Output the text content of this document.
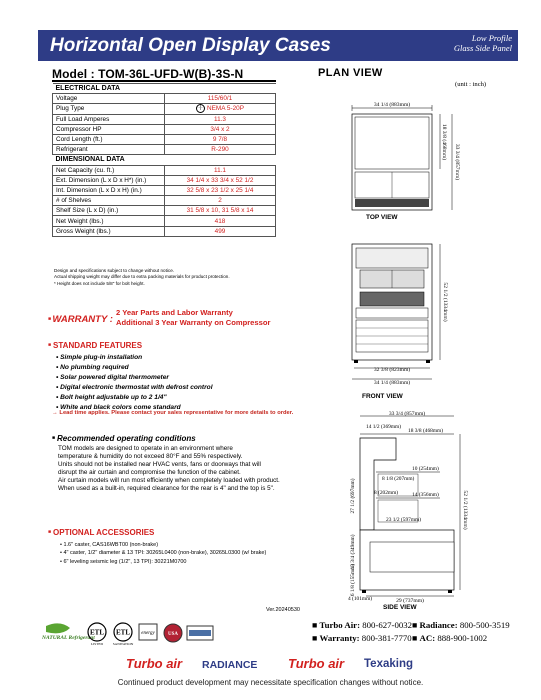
Horizontal Open Display Cases	Low Profile
Glass Side Panel
Model : TOM-36L-UFD-W(B)-3S-N
ELECTRICAL DATA	
Voltage	115/60/1
Plug Type	·|· NEMA 5-20P
Full Load Amperes	11.3
Compressor HP	3/4 x 2
Cord Length (ft.)	9 7/8
Refrigerant	R-290
DIMENSIONAL DATA	
Net Capacity (cu. ft.)	11.1
Ext. Dimension (L x D x H*) (in.)	34 1/4 x 33 3/4 x 52 1/2
Int. Dimension (L x D x H) (in.)	32 5/8 x 23 1/2 x 25 1/4
# of Shelves	2
Shelf Size (L x D) (in.)	31 5/8 x 10, 31 5/8 x 14
Net Weight (lbs.)	418
Gross Weight (lbs.)	499
Design and specifications subject to change without notice.
Actual shipping weight may differ due to extra packing materials for product protection.
* Height does not include 5/8" for bolt height.
■ WARRANTY :
2 Year Parts and Labor Warranty
Additional 3 Year Warranty on Compressor
■ STANDARD FEATURES
• Simple plug-in installation
• No plumbing required
• Solar powered digital thermometer
• Digital electronic thermostat with defrost control
• Bolt height adjustable up to 2 1/4"
• White and black colors come standard
→ Lead time applies. Please contact your sales representative for more details to order.
■ Recommended operating conditions
TOM models are designed to operate in an environment where
temperature & humidity do not exceed 80°F and 55% respectively.
Units should not be installed near HVAC vents, fans or doorways that will
disrupt the air curtain and compromise the function of the cabinet.
Air curtain models will run most efficiently when completely loaded with product.
When used as a built-in, required clearance for the rear is 4" and the top is 5".
■ OPTIONAL ACCESSORIES
• 1.6" caster, CAS16WBT00 (non-brake)
• 4" caster, 1/2" diameter & 13 TPI: 30265L0400 (non-brake), 30265L0300 (w/ brake)
• 6" leveling seismic leg (1/2", 13 TPI): 30221M0700
Ver.20240530
NATURAL Refrigerant
ETL
LISTED
ETL
SANITATION
energy	USA
■ Turbo Air: 800-627-0032
■ Warranty: 800-381-7770
■ Radiance: 800-500-3519
■ AC: 888-900-1002
Turbo air RADIANCE Turbo air Texaking
Continued product development may necessitate specification changes without notice.
PLAN VIEW
(unit : inch)
34 1/4 (883mm)
18 3/8 (468mm)
33 3/4 (857mm)
TOP VIEW
52 1/2 (1334mm)
32 3/8 (823mm)
34 1/4 (883mm)
FRONT VIEW
33 3/4 (857mm)
14 1/2 (369mm)
18 3/8 (468mm)
8 1/8 (207mm)
10 (254mm)
8 (202mm)	14 (356mm)
27 1/2 (697mm)
23 1/2 (597mm)
13 3/4 (349mm)
52 1/2 (1334mm)
6 1/8 (155mm)
4 (101mm)	29 (737mm)
SIDE VIEW
